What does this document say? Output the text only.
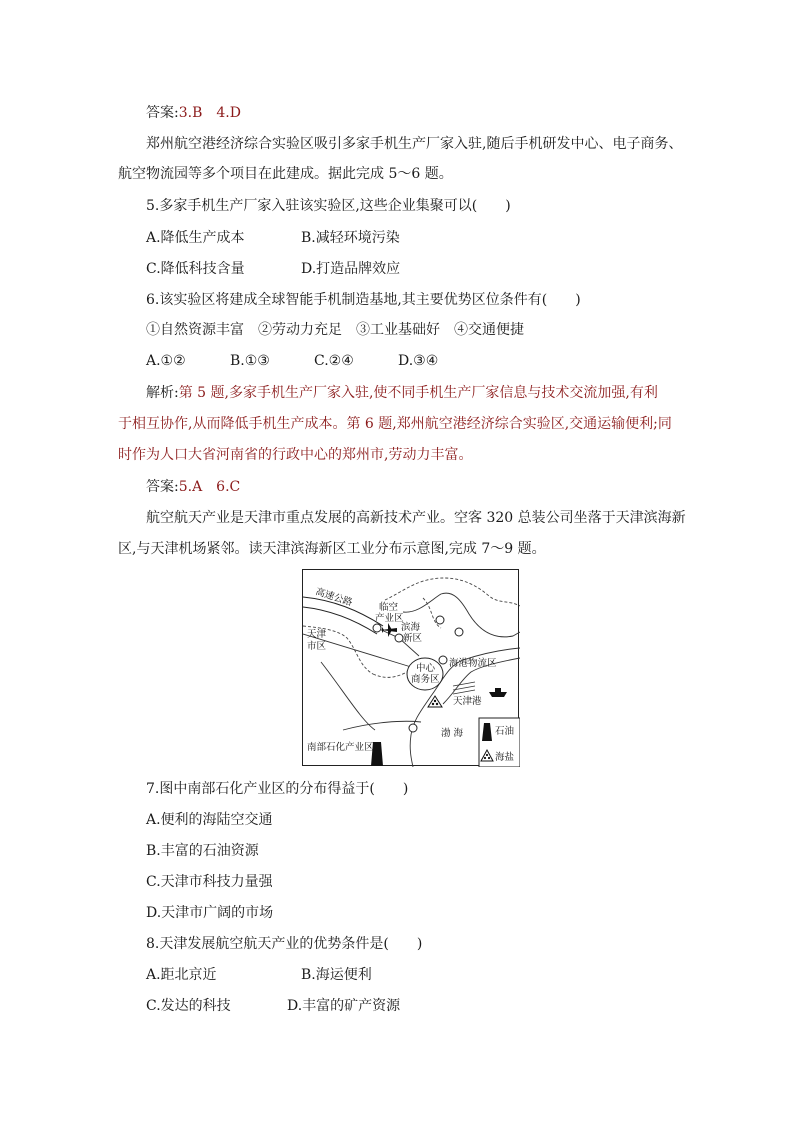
答案:3.B　4.D
郑州航空港经济综合实验区吸引多家手机生产厂家入驻,随后手机研发中心、电子商务、
航空物流园等多个项目在此建成。据此完成 5～6 题。
5.多家手机生产厂家入驻该实验区,这些企业集聚可以(　　)
A.降低生产成本	B.减轻环境污染
C.降低科技含量	D.打造品牌效应
6.该实验区将建成全球智能手机制造基地,其主要优势区位条件有(　　)
①自然资源丰富　②劳动力充足　③工业基础好　④交通便捷
A.①②	B.①③	C.②④	D.③④
解析:第 5 题,多家手机生产厂家入驻,使不同手机生产厂家信息与技术交流加强,有利
于相互协作,从而降低手机生产成本。第 6 题,郑州航空港经济综合实验区,交通运输便利;同
时作为人口大省河南省的行政中心的郑州市,劳动力丰富。
答案:5.A　6.C
航空航天产业是天津市重点发展的高新技术产业。空客 320 总装公司坐落于天津滨海新
区,与天津机场紧邻。读天津滨海新区工业分布示意图,完成 7～9 题。
高速公路	临空
产业区
滨海
新区
天津
市区
中心
商务区
海港物流区
天津港
渤 海
南部石化产业区
石油
海盐
7.图中南部石化产业区的分布得益于(　　)
A.便利的海陆空交通
B.丰富的石油资源
C.天津市科技力量强
D.天津市广阔的市场
8.天津发展航空航天产业的优势条件是(　　)
A.距北京近	B.海运便利
C.发达的科技	D.丰富的矿产资源
